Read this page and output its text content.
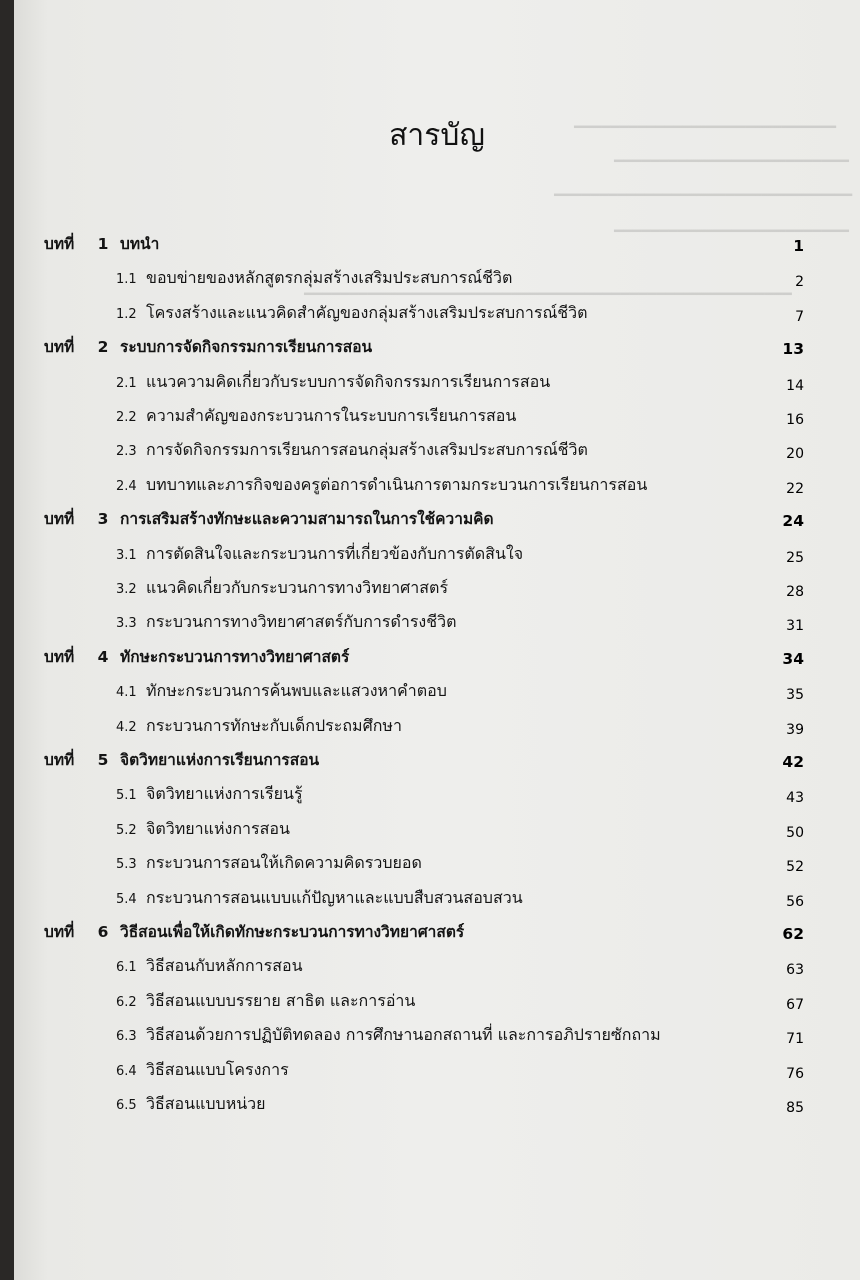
━━━━━━━━━━━━━━━━━━━━━━━━━━━━━
━━━━━━━━━━━━━━━━━━━━━━━━━━
━━━━━━━━━━━━━━━━━━━━━━━━━━━━━━━━━
━━━━━━━━━━━━━━━━━━━━━━━━━━
━━━━━━━━━━━━━━━━━━━━━━━━━━━━━━━━━━━━━━━━━━━━━━━━━━━━━━
สารบัญ
บทที่ 1 บทนำ	1
1.1 ขอบข่ายของหลักสูตรกลุ่มสร้างเสริมประสบการณ์ชีวิต	2
1.2 โครงสร้างและแนวคิดสำคัญของกลุ่มสร้างเสริมประสบการณ์ชีวิต	7
บทที่ 2 ระบบการจัดกิจกรรมการเรียนการสอน	13
2.1 แนวความคิดเกี่ยวกับระบบการจัดกิจกรรมการเรียนการสอน	14
2.2 ความสำคัญของกระบวนการในระบบการเรียนการสอน	16
2.3 การจัดกิจกรรมการเรียนการสอนกลุ่มสร้างเสริมประสบการณ์ชีวิต	20
2.4 บทบาทและภารกิจของครูต่อการดำเนินการตามกระบวนการเรียนการสอน	22
บทที่ 3 การเสริมสร้างทักษะและความสามารถในการใช้ความคิด	24
3.1 การตัดสินใจและกระบวนการที่เกี่ยวข้องกับการตัดสินใจ	25
3.2 แนวคิดเกี่ยวกับกระบวนการทางวิทยาศาสตร์	28
3.3 กระบวนการทางวิทยาศาสตร์กับการดำรงชีวิต	31
บทที่ 4 ทักษะกระบวนการทางวิทยาศาสตร์	34
4.1 ทักษะกระบวนการค้นพบและแสวงหาคำตอบ	35
4.2 กระบวนการทักษะกับเด็กประถมศึกษา	39
บทที่ 5 จิตวิทยาแห่งการเรียนการสอน	42
5.1 จิตวิทยาแห่งการเรียนรู้	43
5.2 จิตวิทยาแห่งการสอน	50
5.3 กระบวนการสอนให้เกิดความคิดรวบยอด	52
5.4 กระบวนการสอนแบบแก้ปัญหาและแบบสืบสวนสอบสวน	56
บทที่ 6 วิธีสอนเพื่อให้เกิดทักษะกระบวนการทางวิทยาศาสตร์	62
6.1 วิธีสอนกับหลักการสอน	63
6.2 วิธีสอนแบบบรรยาย สาธิต และการอ่าน	67
6.3 วิธีสอนด้วยการปฏิบัติทดลอง การศึกษานอกสถานที่ และการอภิปรายซักถาม	71
6.4 วิธีสอนแบบโครงการ	76
6.5 วิธีสอนแบบหน่วย	85
